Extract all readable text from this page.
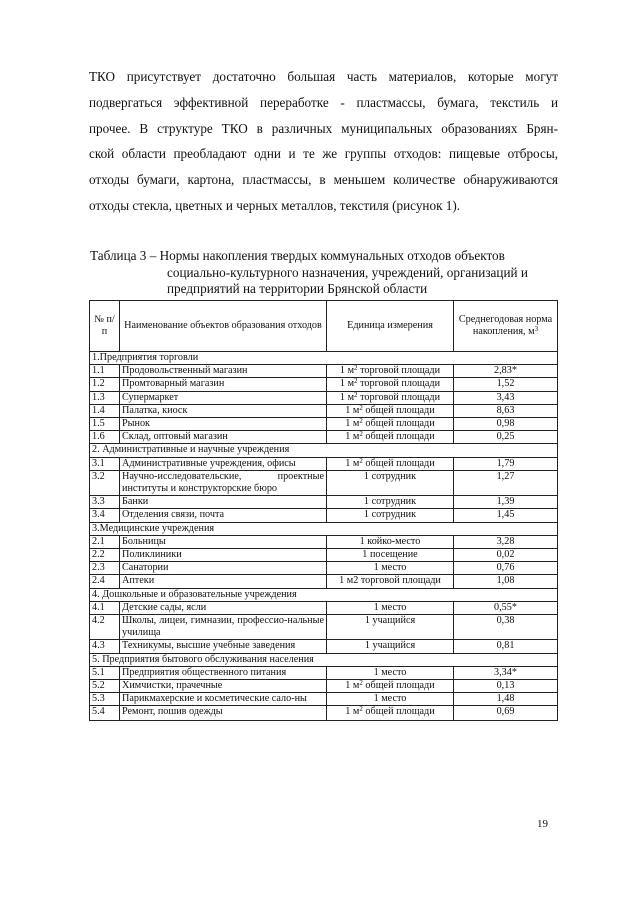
ТКО присутствует достаточно большая часть материалов, которые могут
подвергаться эффективной переработке - пластмассы, бумага, текстиль и
прочее. В структуре ТКО в различных муниципальных образованиях Брян-
ской области преобладают одни и те же группы отходов: пищевые отбросы,
отходы бумаги, картона, пластмассы, в меньшем количестве обнаруживаются
отходы стекла, цветных и черных металлов, текстиля (рисунок 1).
Таблица 3 – Нормы накопления твердых коммунальных отходов объектов
социально-культурного назначения, учреждений, организаций и
предприятий на территории Брянской области
№ п/п	Наименование объектов образования отходов	Единица измерения	Среднегодовая норма накопления, $м^3$
1.Предприятия торговли			
1.1	Продовольственный магазин	1 $м^2$ торговой площади	2,83*
1.2	Промтоварный магазин	1 $м^2$ торговой площади	1,52
1.3	Супермаркет	1 $м^2$ торговой площади	3,43
1.4	Палатка, киоск	1 $м^2$ общей площади	8,63
1.5	Рынок	1 $м^2$ общей площади	0,98
1.6	Склад, оптовый магазин	1 $м^2$ общей площади	0,25
2. Административные и научные учреждения			
3.1	Административные учреждения, офисы	1 $м^2$ общей площади	1,79
3.2	Научно-исследовательские, проектные институты и конструкторские бюро	1 сотрудник	1,27
3.3	Банки	1 сотрудник	1,39
3.4	Отделения связи, почта	1 сотрудник	1,45
3.Медицинские учреждения			
2.1	Больницы	1 койко-место	3,28
2.2	Поликлиники	1 посещение	0,02
2.3	Санатории	1 место	0,76
2.4	Аптеки	1 м2 торговой площади	1,08
4. Дошкольные и образовательные учреждения			
4.1	Детские сады, ясли	1 место	0,55*
4.2	Школы, лицеи, гимназии, профессио-нальные училища	1 учащийся	0,38
4.3	Техникумы, высшие учебные заведения	1 учащийся	0,81
5. Предприятия бытового обслуживания населения			
5.1	Предприятия общественного питания	1 место	3,34*
5.2	Химчистки, прачечные	1 $м^2$ общей площади	0,13
5.3	Парикмахерские и косметические сало-ны	1 место	1,48
5.4	Ремонт, пошив одежды	1 $м^2$ общей площади	0,69
19
